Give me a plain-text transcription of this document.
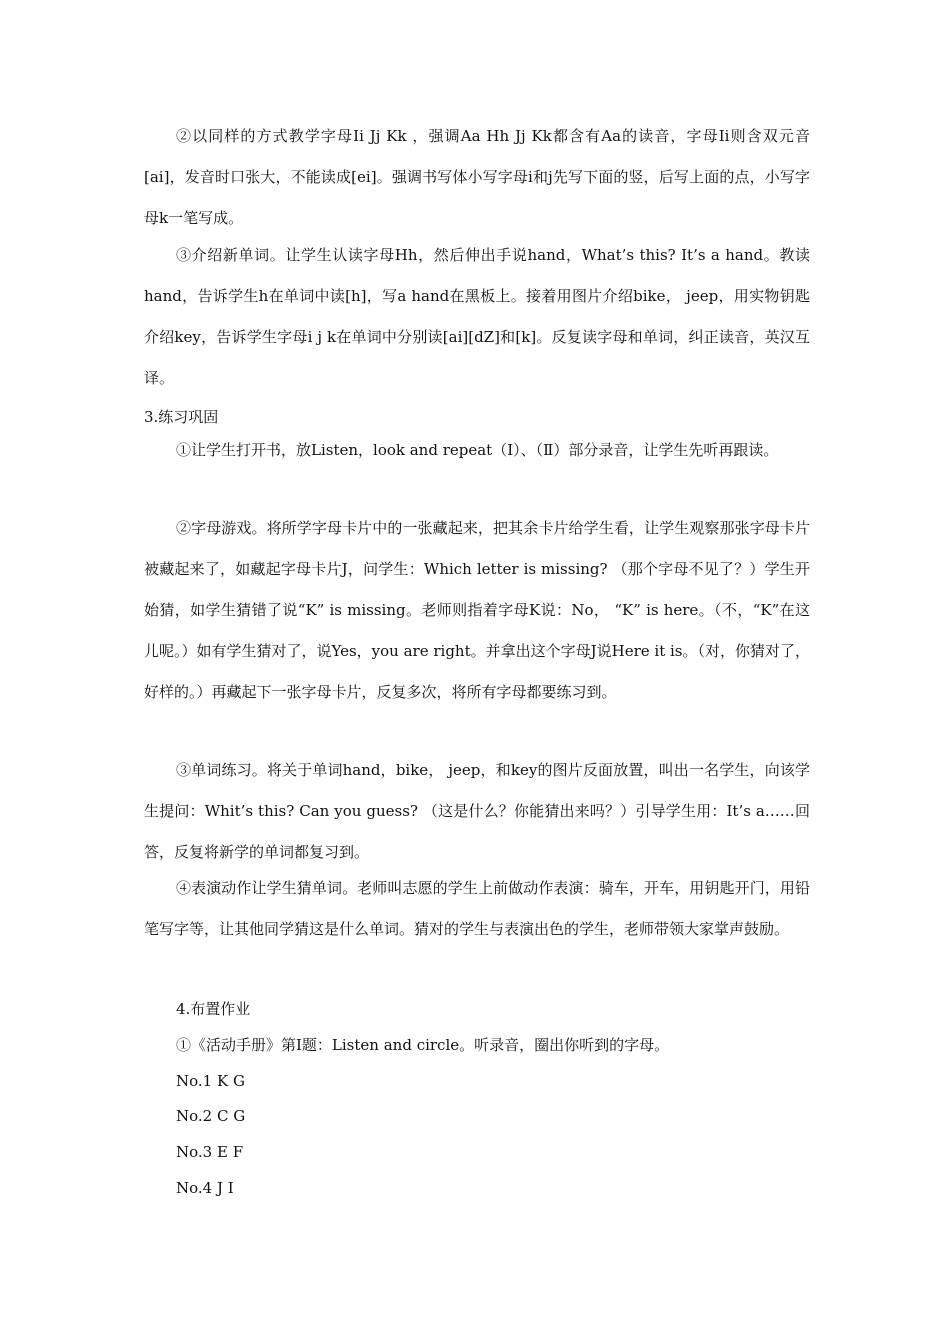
②以同样的方式教学字母Ii Jj Kk ，强调Aa Hh Jj Kk都含有Aa的读音，字母Ii则含双元音[ai]，发音时口张大，不能读成[ei]。强调书写体小写字母i和j先写下面的竖，后写上面的点，小写字母k一笔写成。

③介绍新单词。让学生认读字母Hh，然后伸出手说hand，What’s this? It’s a hand。教读hand，告诉学生h在单词中读[h]，写a hand在黑板上。接着用图片介绍bike， jeep，用实物钥匙介绍key，告诉学生字母i j k在单词中分别读[ai][dZ]和[k]。反复读字母和单词，纠正读音，英汉互译。

3.练习巩固

①让学生打开书，放Listen，look and repeat（Ⅰ）、（Ⅱ）部分录音，让学生先听再跟读。

②字母游戏。将所学字母卡片中的一张藏起来，把其余卡片给学生看，让学生观察那张字母卡片被藏起来了，如藏起字母卡片J，问学生：Which letter is missing? （那个字母不见了？）学生开始猜，如学生猜错了说“K” is missing。老师则指着字母K说：No， “K” is here。（不，“K”在这儿呢。）如有学生猜对了，说Yes，you are right。并拿出这个字母J说Here it is。（对，你猜对了，好样的。）再藏起下一张字母卡片，反复多次，将所有字母都要练习到。

③单词练习。将关于单词hand，bike， jeep，和key的图片反面放置，叫出一名学生，向该学生提问：Whit’s this? Can you guess? （这是什么？你能猜出来吗？）引导学生用：It’s a……回答，反复将新学的单词都复习到。

④表演动作让学生猜单词。老师叫志愿的学生上前做动作表演：骑车，开车，用钥匙开门，用铅笔写字等，让其他同学猜这是什么单词。猜对的学生与表演出色的学生，老师带领大家掌声鼓励。

4.布置作业

①《活动手册》第Ⅰ题：Listen and circle。听录音，圈出你听到的字母。

No.1 K G

No.2 C G

No.3 E F

No.4 J I
